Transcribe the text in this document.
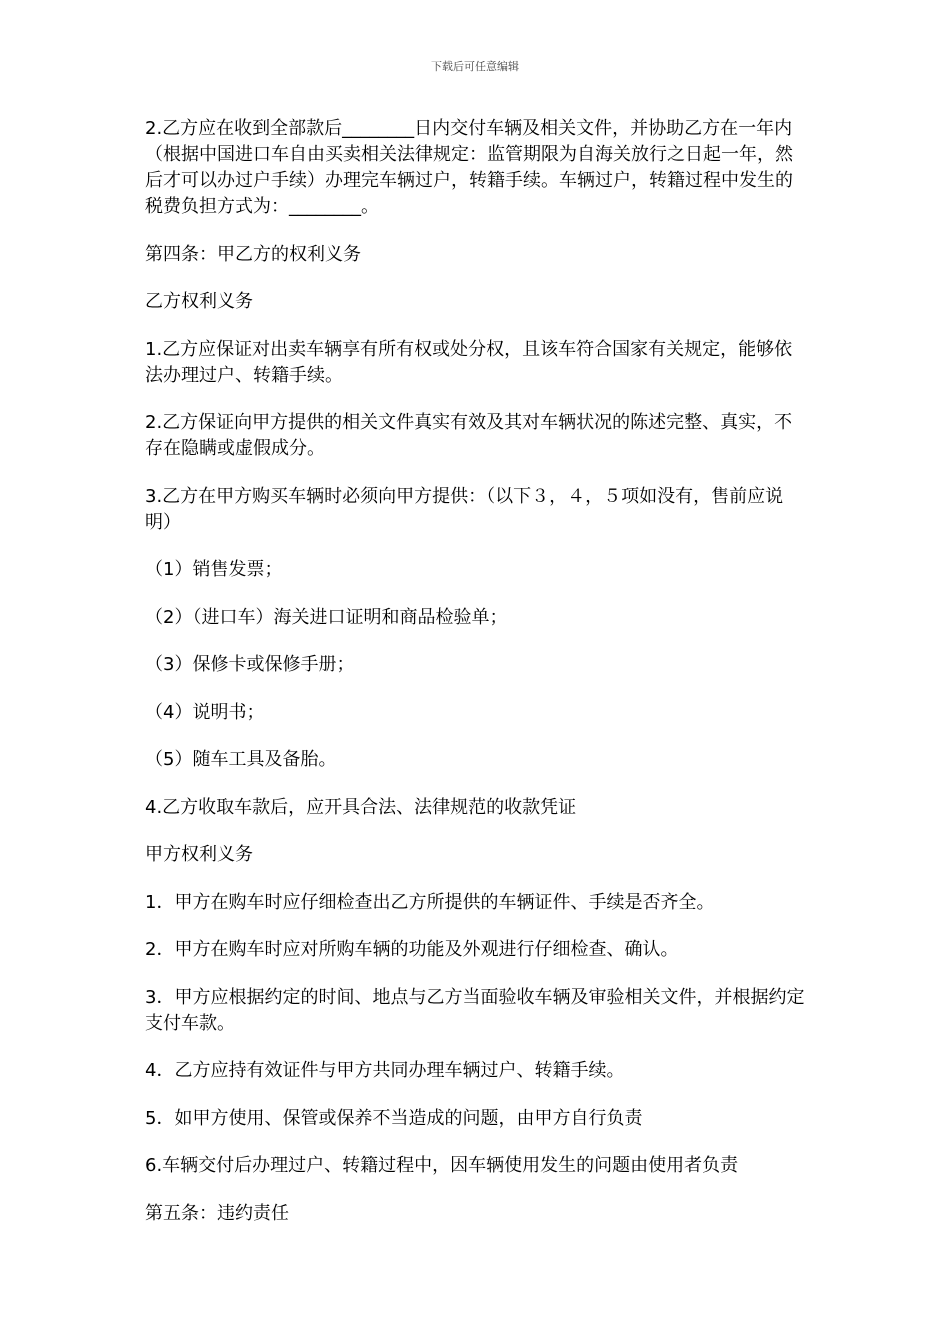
下载后可任意编辑

2.乙方应在收到全部款后________日内交付车辆及相关文件，并协助乙方在一年内（根据中国进口车自由买卖相关法律规定：监管期限为自海关放行之日起一年，然后才可以办过户手续）办理完车辆过户，转籍手续。车辆过户，转籍过程中发生的税费负担方式为：________。

第四条：甲乙方的权利义务

乙方权利义务

1.乙方应保证对出卖车辆享有所有权或处分权，且该车符合国家有关规定，能够依法办理过户、转籍手续。

2.乙方保证向甲方提供的相关文件真实有效及其对车辆状况的陈述完整、真实，不存在隐瞒或虚假成分。

3.乙方在甲方购买车辆时必须向甲方提供：（以下３，４，５项如没有，售前应说明）

（1）销售发票；

（2）（进口车）海关进口证明和商品检验单；

（3）保修卡或保修手册；

（4）说明书；

（5）随车工具及备胎。

4.乙方收取车款后，应开具合法、法律规范的收款凭证

甲方权利义务

1．甲方在购车时应仔细检查出乙方所提供的车辆证件、手续是否齐全。

2．甲方在购车时应对所购车辆的功能及外观进行仔细检查、确认。

3．甲方应根据约定的时间、地点与乙方当面验收车辆及审验相关文件，并根据约定支付车款。

4．乙方应持有效证件与甲方共同办理车辆过户、转籍手续。

5．如甲方使用、保管或保养不当造成的问题，由甲方自行负责

6.车辆交付后办理过户、转籍过程中，因车辆使用发生的问题由使用者负责

第五条：违约责任
